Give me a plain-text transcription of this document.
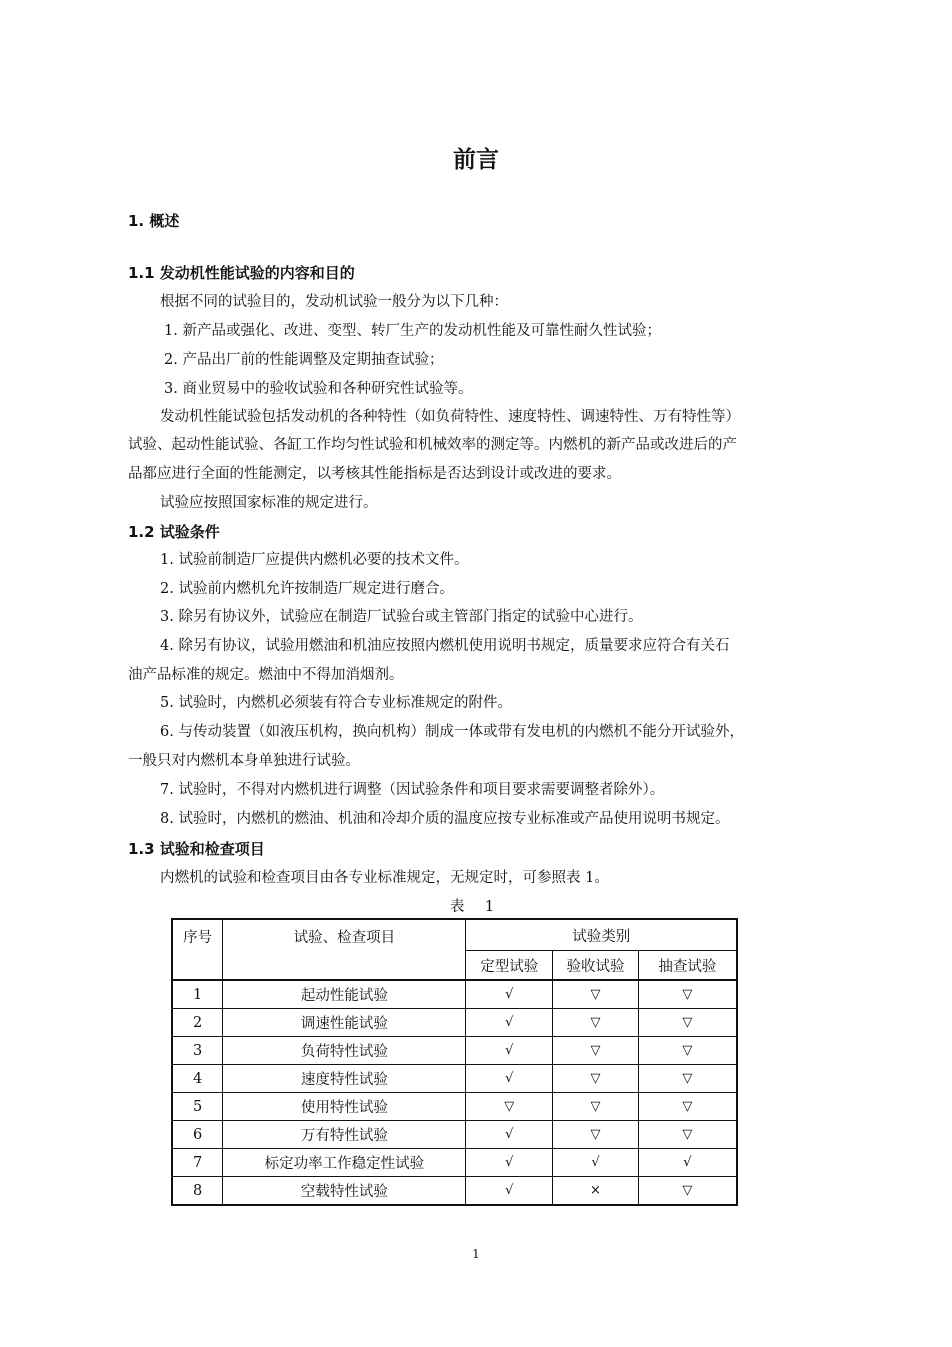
前言
1. 概述
1.1 发动机性能试验的内容和目的
根据不同的试验目的，发动机试验一般分为以下几种：
1. 新产品或强化、改进、变型、转厂生产的发动机性能及可靠性耐久性试验；
2. 产品出厂前的性能调整及定期抽查试验；
3. 商业贸易中的验收试验和各种研究性试验等。
发动机性能试验包括发动机的各种特性（如负荷特性、速度特性、调速特性、万有特性等）
试验、起动性能试验、各缸工作均匀性试验和机械效率的测定等。内燃机的新产品或改进后的产
品都应进行全面的性能测定，以考核其性能指标是否达到设计或改进的要求。
试验应按照国家标准的规定进行。
1.2 试验条件
1. 试验前制造厂应提供内燃机必要的技术文件。
2. 试验前内燃机允许按制造厂规定进行磨合。
3. 除另有协议外，试验应在制造厂试验台或主管部门指定的试验中心进行。
4. 除另有协议，试验用燃油和机油应按照内燃机使用说明书规定，质量要求应符合有关石
油产品标准的规定。燃油中不得加消烟剂。
5. 试验时，内燃机必须装有符合专业标准规定的附件。
6. 与传动装置（如液压机构，换向机构）制成一体或带有发电机的内燃机不能分开试验外，
一般只对内燃机本身单独进行试验。
7. 试验时，不得对内燃机进行调整（因试验条件和项目要求需要调整者除外）。
8. 试验时，内燃机的燃油、机油和冷却介质的温度应按专业标准或产品使用说明书规定。
1.3 试验和检查项目
内燃机的试验和检查项目由各专业标准规定，无规定时，可参照表 1。
表 1
序号	试验、检查项目	试验类别		
		定型试验	验收试验	抽查试验
1	起动性能试验	√	▽	▽
2	调速性能试验	√	▽	▽
3	负荷特性试验	√	▽	▽
4	速度特性试验	√	▽	▽
5	使用特性试验	▽	▽	▽
6	万有特性试验	√	▽	▽
7	标定功率工作稳定性试验	√	√	√
8	空载特性试验	√	×	▽
1
